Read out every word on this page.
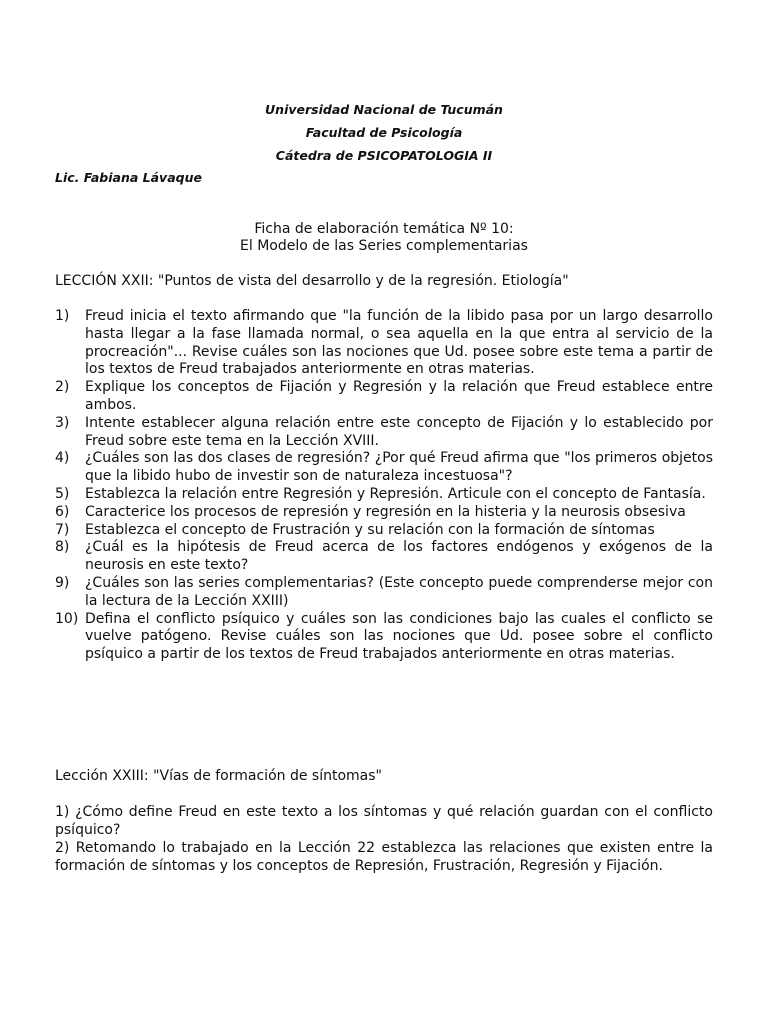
Universidad Nacional de Tucumán
Facultad de Psicología
Cátedra de PSICOPATOLOGIA II
Lic. Fabiana Lávaque
Ficha de elaboración temática Nº 10:
El Modelo de las Series complementarias
LECCIÓN XXII: "Puntos de vista del desarrollo y de la regresión. Etiología"
1)	Freud inicia el texto afirmando que "la función de la libido pasa por un largo desarrollo hasta llegar a la fase llamada normal, o sea aquella en la que entra al servicio de la procreación"... Revise cuáles son las nociones que Ud. posee sobre este tema a partir de los textos de Freud trabajados anteriormente en otras materias.
2)	Explique los conceptos de Fijación y Regresión y la relación que Freud establece entre ambos.
3)	Intente establecer alguna relación entre este concepto de Fijación y lo establecido por Freud sobre este tema en la Lección XVIII.
4)	¿Cuáles son las dos clases de regresión? ¿Por qué Freud afirma que "los primeros objetos que la libido hubo de investir son de naturaleza incestuosa"?
5)	Establezca la relación entre Regresión y Represión. Articule con el concepto de Fantasía.
6)	Caracterice los procesos de represión y regresión en la histeria y la neurosis obsesiva
7)	Establezca el concepto de Frustración y su relación con la formación de síntomas
8)	¿Cuál es la hipótesis de Freud acerca de los factores endógenos y exógenos de la neurosis en este texto?
9)	¿Cuáles son las series complementarias? (Este concepto puede comprenderse mejor con la lectura de la Lección XXIII)
10) Defina el conflicto psíquico y cuáles son las condiciones bajo las cuales el conflicto se vuelve patógeno. Revise cuáles son las nociones que Ud. posee sobre el conflicto psíquico a partir de los textos de Freud trabajados anteriormente en otras materias.
Lección XXIII: "Vías de formación de síntomas"
1) ¿Cómo define Freud en este texto a los síntomas y qué relación guardan con el conflicto psíquico?
2) Retomando lo trabajado en la Lección 22 establezca las relaciones que existen entre la formación de síntomas y los conceptos de Represión, Frustración, Regresión y Fijación.
